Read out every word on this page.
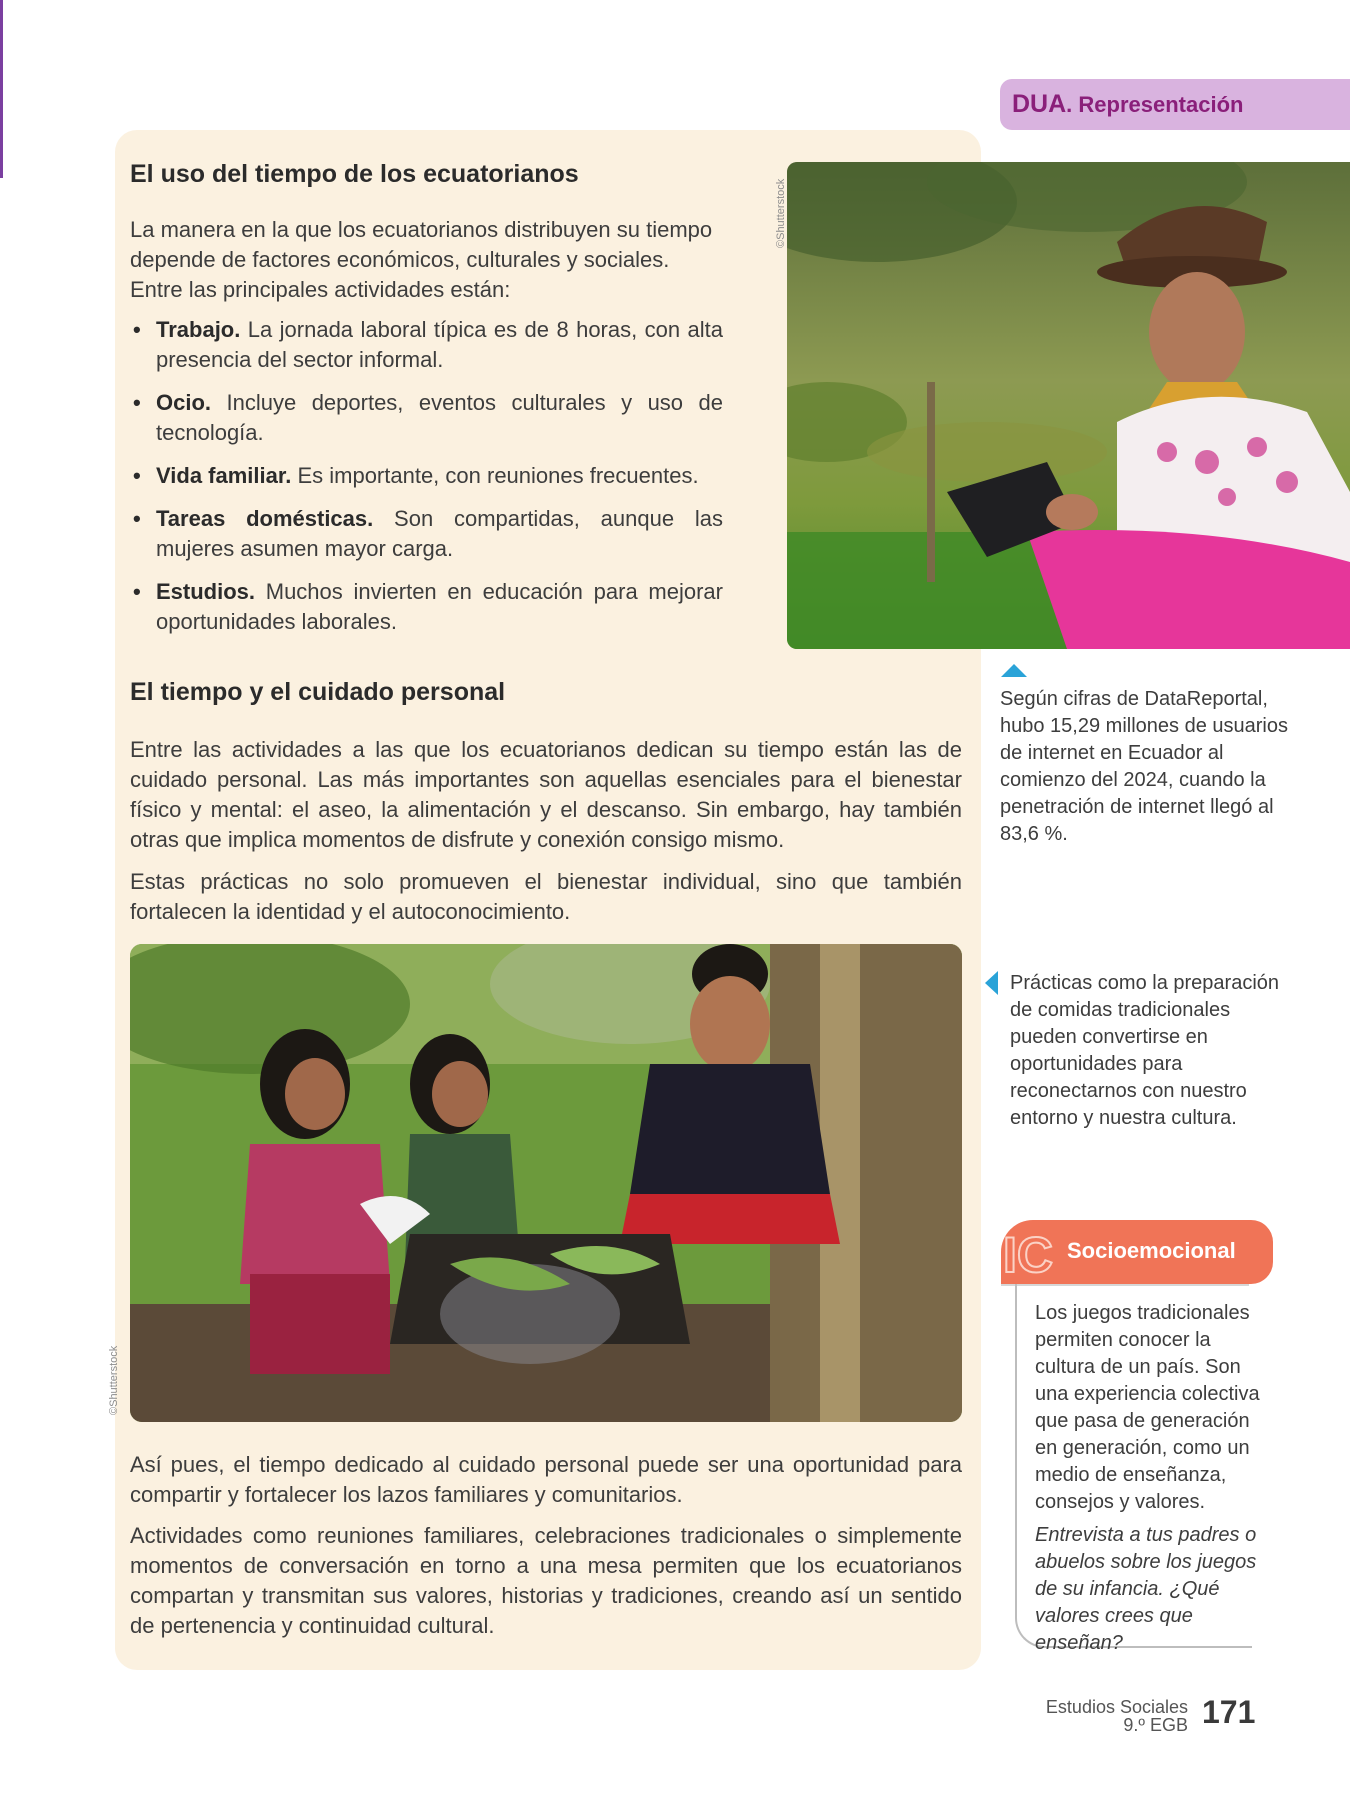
DUA . Representación
El uso del tiempo de los ecuatorianos
La manera en la que los ecuatorianos distribuyen su tiempo depende de factores económicos, culturales y sociales. Entre las principales actividades están:
• Trabajo. La jornada laboral típica es de 8 horas, con alta presencia del sector informal.
• Ocio. Incluye deportes, eventos culturales y uso de tecnología.
• Vida familiar. Es importante, con reuniones frecuentes.
• Tareas domésticas. Son compartidas, aunque las mujeres asumen mayor carga.
• Estudios. Muchos invierten en educación para mejorar oportunidades laborales.
©Shutterstock
El tiempo y el cuidado personal
Entre las actividades a las que los ecuatorianos dedican su tiempo están las de cuidado personal. Las más importantes son aquellas esenciales para el bienestar físico y mental: el aseo, la alimentación y el descanso. Sin embargo, hay también otras que implica momentos de disfrute y conexión consigo mismo.
Estas prácticas no solo promueven el bienestar individual, sino que también fortalecen la identidad y el autoconocimiento.
©Shutterstock
Así pues, el tiempo dedicado al cuidado personal puede ser una oportunidad para compartir y fortalecer los lazos familiares y comunitarios.
Actividades como reuniones familiares, celebraciones tradicionales o simplemente momentos de conversación en torno a una mesa permiten que los ecuatorianos compartan y transmitan sus valores, historias y tradiciones, creando así un sentido de pertenencia y continuidad cultural.
Según cifras de DataReportal, hubo 15,29 millones de usuarios de internet en Ecuador al comienzo del 2024, cuando la penetración de internet llegó al 83,6 %.
Prácticas como la preparación de comidas tradicionales pueden convertirse en oportunidades para reconectarnos con nuestro entorno y nuestra cultura.
IC Socioemocional

Los juegos tradicionales permiten conocer la cultura de un país. Son una experiencia colectiva que pasa de generación en generación, como un medio de enseñanza, consejos y valores.

Entrevista a tus padres o abuelos sobre los juegos de su infancia. ¿Qué valores crees que enseñan?
Estudios Sociales
9.º EGB 171
